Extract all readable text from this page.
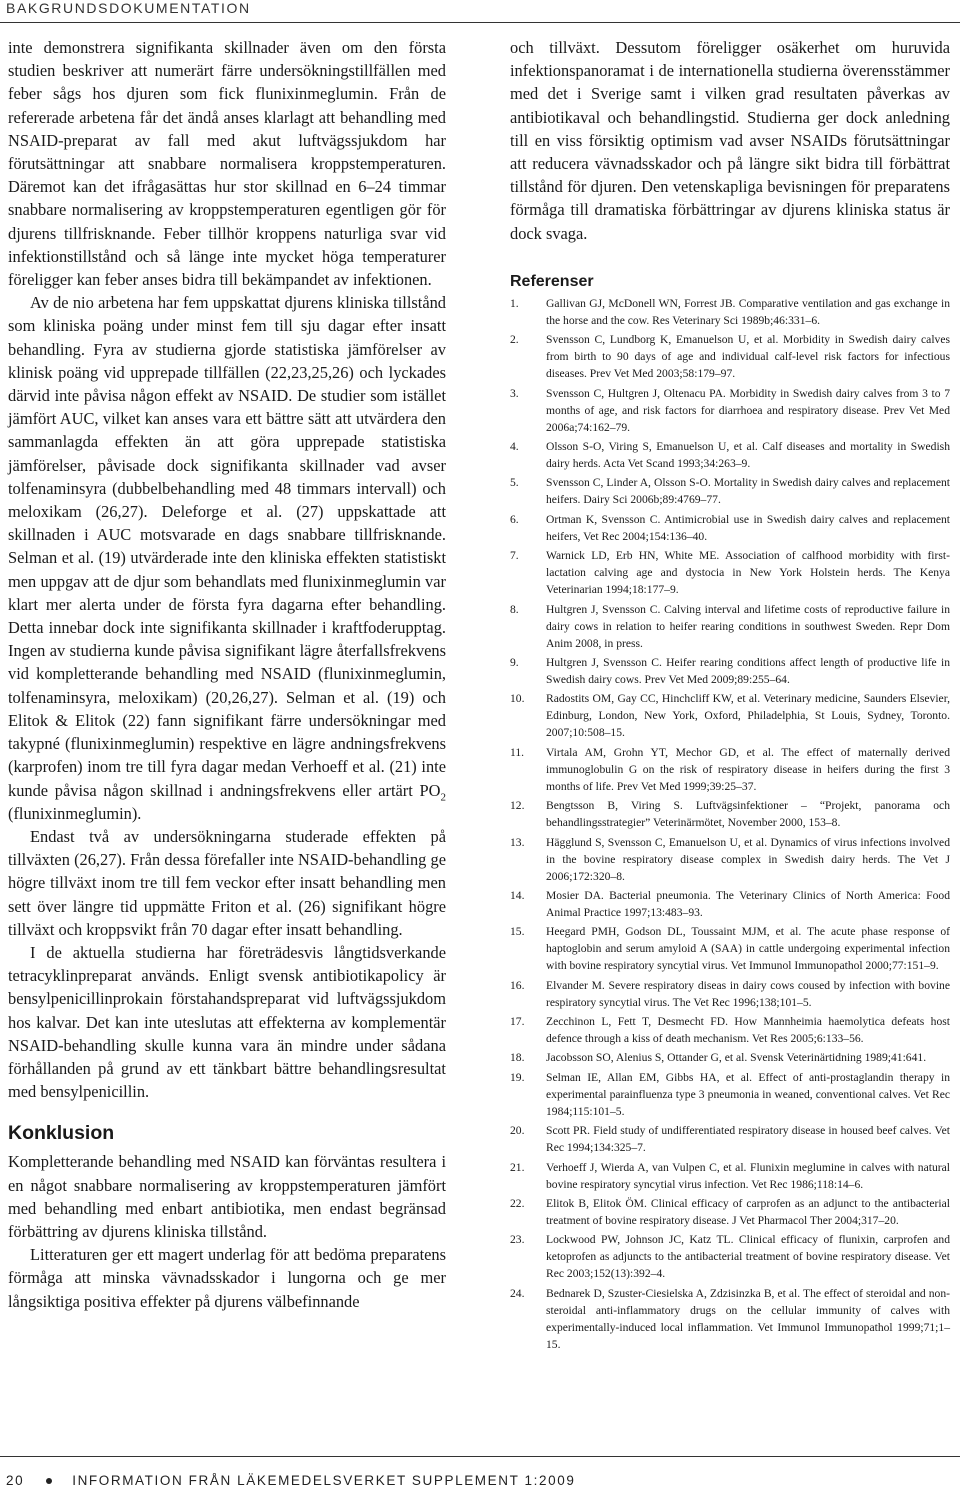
BAKGRUNDSDOKUMENTATION

inte demonstrera signifikanta skillnader även om den första studien beskriver att numerärt färre undersökningstillfällen med feber sågs hos djuren som fick flunixinmeglumin. Från de refererade arbetena får det ändå anses klarlagt att behandling med NSAID-preparat av fall med akut luftvägssjukdom har förutsättningar att snabbare normalisera kroppstemperaturen. Däremot kan det ifrågasättas hur stor skillnad en 6–24 timmar snabbare normalisering av kroppstemperaturen egentligen gör för djurens tillfrisknande. Feber tillhör kroppens naturliga svar vid infektionstillstånd och så länge inte mycket höga temperaturer föreligger kan feber anses bidra till bekämpandet av infektionen.

Av de nio arbetena har fem uppskattat djurens kliniska tillstånd som kliniska poäng under minst fem till sju dagar efter insatt behandling. Fyra av studierna gjorde statistiska jämförelser av klinisk poäng vid upprepade tillfällen (22,23,25,26) och lyckades därvid inte påvisa någon effekt av NSAID. De studier som istället jämfört AUC, vilket kan anses vara ett bättre sätt att utvärdera den sammanlagda effekten än att göra upprepade statistiska jämförelser, påvisade dock signifikanta skillnader vad avser tolfenaminsyra (dubbelbehandling med 48 timmars intervall) och meloxikam (26,27). Deleforge et al. (27) uppskattade att skillnaden i AUC motsvarade en dags snabbare tillfrisknande. Selman et al. (19) utvärderade inte den kliniska effekten statistiskt men uppgav att de djur som behandlats med flunixinmeglumin var klart mer alerta under de första fyra dagarna efter behandling. Detta innebar dock inte signifikanta skillnader i kraftfoderupptag. Ingen av studierna kunde påvisa signifikant lägre återfallsfrekvens vid kompletterande behandling med NSAID (flunixinmeglumin, tolfenaminsyra, meloxikam) (20,26,27). Selman et al. (19) och Elitok & Elitok (22) fann signifikant färre undersökningar med takypné (flunixinmeglumin) respektive en lägre andningsfrekvens (karprofen) inom tre till fyra dagar medan Verhoeff et al. (21) inte kunde påvisa någon skillnad i andningsfrekvens eller artärt $PO_2$ (flunixinmeglumin).

Endast två av undersökningarna studerade effekten på tillväxten (26,27). Från dessa förefaller inte NSAID-behandling ge högre tillväxt inom tre till fem veckor efter insatt behandling men sett över längre tid uppmätte Friton et al. (26) signifikant högre tillväxt och kroppsvikt från 70 dagar efter insatt behandling.

I de aktuella studierna har företrädesvis långtidsverkande tetracyklinpreparat används. Enligt svensk antibiotikapolicy är bensylpenicillinprokain förstahandspreparat vid luftvägssjukdom hos kalvar. Det kan inte uteslutas att effekterna av komplementär NSAID-behandling skulle kunna vara än mindre under sådana förhållanden på grund av ett tänkbart bättre behandlingsresultat med bensylpenicillin.

Konklusion

Kompletterande behandling med NSAID kan förväntas resultera i en något snabbare normalisering av kroppstemperaturen jämfört med behandling med enbart antibiotika, men endast begränsad förbättring av djurens kliniska tillstånd.

Litteraturen ger ett magert underlag för att bedöma preparatens förmåga att minska vävnadsskador i lungorna och ge mer långsiktiga positiva effekter på djurens välbefinnande

och tillväxt. Dessutom föreligger osäkerhet om huruvida infektionspanoramat i de internationella studierna överensstämmer med det i Sverige samt i vilken grad resultaten påverkas av antibiotikaval och behandlingstid. Studierna ger dock anledning till en viss försiktig optimism vad avser NSAIDs förutsättningar att reducera vävnadsskador och på längre sikt bidra till förbättrat tillstånd för djuren. Den vetenskapliga bevisningen för preparatens förmåga till dramatiska förbättringar av djurens kliniska status är dock svaga.

Referenser
1. Gallivan GJ, McDonell WN, Forrest JB. Comparative ventilation and gas exchange in the horse and the cow. Res Veterinary Sci 1989b;46:331–6.
2. Svensson C, Lundborg K, Emanuelson U, et al. Morbidity in Swedish dairy calves from birth to 90 days of age and individual calf-level risk factors for infectious diseases. Prev Vet Med 2003;58:179–97.
3. Svensson C, Hultgren J, Oltenacu PA. Morbidity in Swedish dairy calves from 3 to 7 months of age, and risk factors for diarrhoea and respiratory disease. Prev Vet Med 2006a;74:162–79.
4. Olsson S-O, Viring S, Emanuelson U, et al. Calf diseases and mortality in Swedish dairy herds. Acta Vet Scand 1993;34:263–9.
5. Svensson C, Linder A, Olsson S-O. Mortality in Swedish dairy calves and replacement heifers. Dairy Sci 2006b;89:4769–77.
6. Ortman K, Svensson C. Antimicrobial use in Swedish dairy calves and replacement heifers, Vet Rec 2004;154:136–40.
7. Warnick LD, Erb HN, White ME. Association of calfhood morbidity with first-lactation calving age and dystocia in New York Holstein herds. The Kenya Veterinarian 1994;18:177–9.
8. Hultgren J, Svensson C. Calving interval and lifetime costs of reproductive failure in dairy cows in relation to heifer rearing conditions in southwest Sweden. Repr Dom Anim 2008, in press.
9. Hultgren J, Svensson C. Heifer rearing conditions affect length of productive life in Swedish dairy cows. Prev Vet Med 2009;89:255–64.
10. Radostits OM, Gay CC, Hinchcliff KW, et al. Veterinary medicine, Saunders Elsevier, Edinburg, London, New York, Oxford, Philadelphia, St Louis, Sydney, Toronto. 2007;10:508–15.
11. Virtala AM, Grohn YT, Mechor GD, et al. The effect of maternally derived immunoglobulin G on the risk of respiratory disease in heifers during the first 3 months of life. Prev Vet Med 1999;39:25–37.
12. Bengtsson B, Viring S. Luftvägsinfektioner – “Projekt, panorama och behandlingsstrategier” Veterinärmötet, November 2000, 153–8.
13. Hägglund S, Svensson C, Emanuelson U, et al. Dynamics of virus infections involved in the bovine respiratory disease complex in Swedish dairy herds. The Vet J 2006;172:320–8.
14. Mosier DA. Bacterial pneumonia. The Veterinary Clinics of North America: Food Animal Practice 1997;13:483–93.
15. Heegard PMH, Godson DL, Toussaint MJM, et al. The acute phase response of haptoglobin and serum amyloid A (SAA) in cattle undergoing experimental infection with bovine respiratory syncytial virus. Vet Immunol Immunopathol 2000;77:151–9.
16. Elvander M. Severe respiratory diseas in dairy cows coused by infection with bovine respiratory syncytial virus. The Vet Rec 1996;138;101–5.
17. Zecchinon L, Fett T, Desmecht FD. How Mannheimia haemolytica defeats host defence through a kiss of death mechanism. Vet Res 2005;6:133–56.
18. Jacobsson SO, Alenius S, Ottander G, et al. Svensk Veterinärtidning 1989;41:641.
19. Selman IE, Allan EM, Gibbs HA, et al. Effect of anti-prostaglandin therapy in experimental parainfluenza type 3 pneumonia in weaned, conventional calves. Vet Rec 1984;115:101–5.
20. Scott PR. Field study of undifferentiated respiratory disease in housed beef calves. Vet Rec 1994;134:325–7.
21. Verhoeff J, Wierda A, van Vulpen C, et al. Flunixin meglumine in calves with natural bovine respiratory syncytial virus infection. Vet Rec 1986;118:14–6.
22. Elitok B, Elitok ÖM. Clinical efficacy of carprofen as an adjunct to the antibacterial treatment of bovine respiratory disease. J Vet Pharmacol Ther 2004;317–20.
23. Lockwood PW, Johnson JC, Katz TL. Clinical efficacy of flunixin, carprofen and ketoprofen as adjuncts to the antibacterial treatment of bovine respiratory disease. Vet Rec 2003;152(13):392–4.
24. Bednarek D, Szuster-Ciesielska A, Zdzisinzka B, et al. The effect of steroidal and non-steroidal anti-inflammatory drugs on the cellular immunity of calves with experimentally-induced local inflammation. Vet Immunol Immunopathol 1999;71;1–15.
20	INFORMATION FRÅN LÄKEMEDELSVERKET SUPPLEMENT 1:2009
